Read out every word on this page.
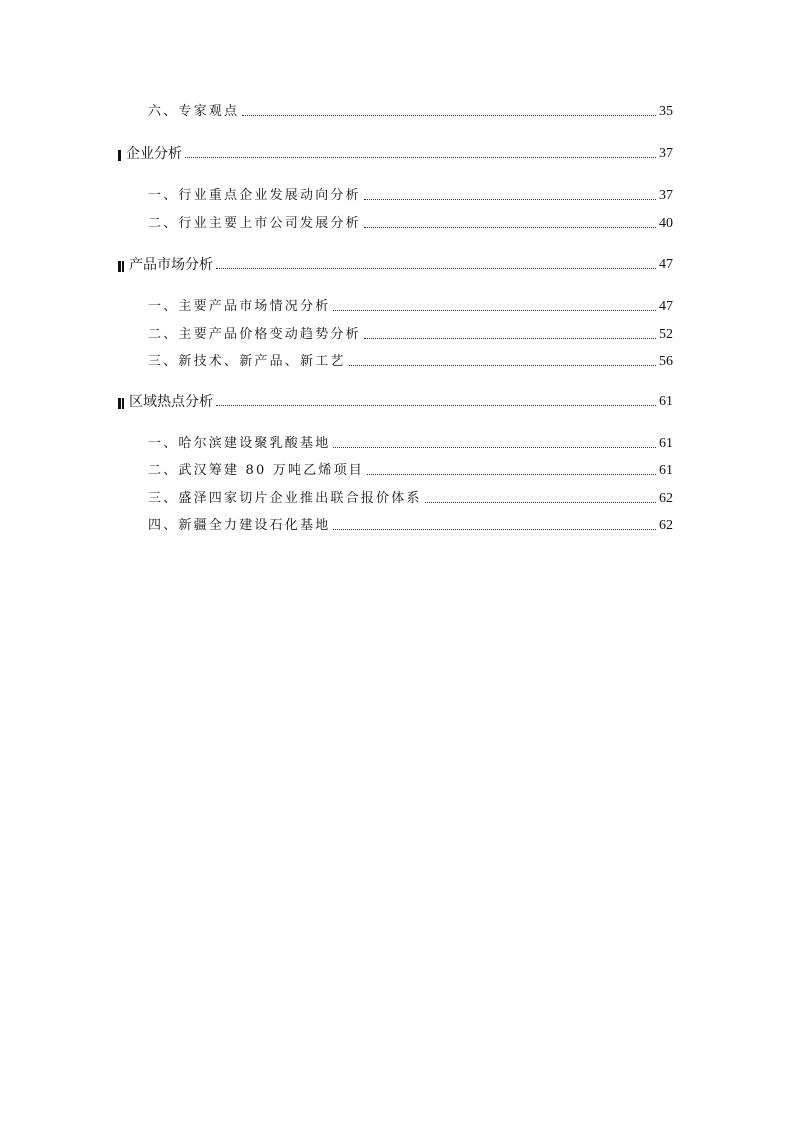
六、专家观点	35
企业分析	37
一、行业重点企业发展动向分析	37
二、行业主要上市公司发展分析	40
产品市场分析	47
一、主要产品市场情况分析	47
二、主要产品价格变动趋势分析	52
三、新技术、新产品、新工艺	56
区域热点分析	61
一、哈尔滨建设聚乳酸基地	61
二、武汉筹建 80 万吨乙烯项目	61
三、盛泽四家切片企业推出联合报价体系	62
四、新疆全力建设石化基地	62
